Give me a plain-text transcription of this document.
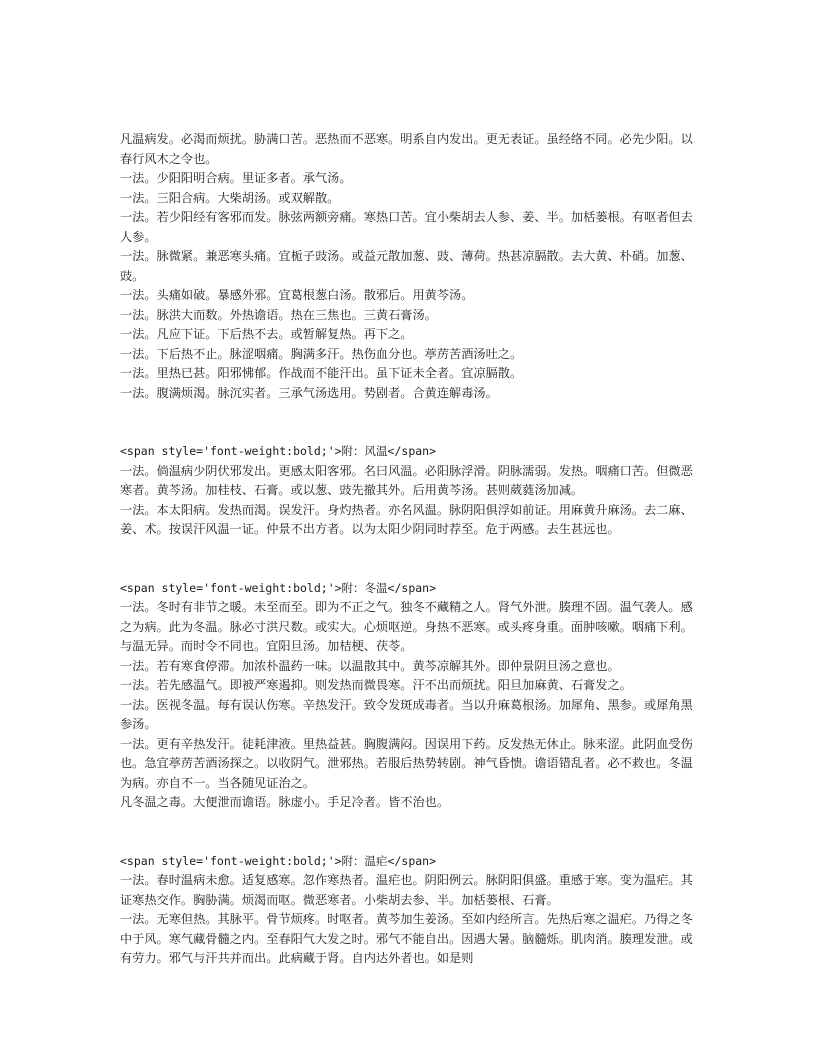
凡温病发。必渴而烦扰。胁满口苦。恶热而不恶寒。明系自内发出。更无表证。虽经络不同。必先少阳。以春行风木之令也。

一法。少阳阳明合病。里证多者。承气汤。

一法。三阳合病。大柴胡汤。或双解散。

一法。若少阳经有客邪而发。脉弦两额旁痛。寒热口苦。宜小柴胡去人参、姜、半。加栝蒌根。有呕者但去人参。

一法。脉微紧。兼恶寒头痛。宜栀子豉汤。或益元散加葱、豉、薄荷。热甚凉膈散。去大黄、朴硝。加葱、豉。

一法。头痛如破。暴感外邪。宜葛根葱白汤。散邪后。用黄芩汤。

一法。脉洪大而数。外热谵语。热在三焦也。三黄石膏汤。

一法。凡应下证。下后热不去。或暂解复热。再下之。

一法。下后热不止。脉涩咽痛。胸满多汗。热伤血分也。葶苈苦酒汤吐之。

一法。里热已甚。阳邪怫郁。作战而不能汗出。虽下证未全者。宜凉膈散。

一法。腹满烦渴。脉沉实者。三承气汤选用。势剧者。合黄连解毒汤。

<span style='font-weight:bold;'>附：风温</span>

一法。倘温病少阴伏邪发出。更感太阳客邪。名曰风温。必阳脉浮滑。阴脉濡弱。发热。咽痛口苦。但微恶寒者。黄芩汤。加桂枝、石膏。或以葱、豉先撤其外。后用黄芩汤。甚则葳蕤汤加减。

一法。本太阳病。发热而渴。误发汗。身灼热者。亦名风温。脉阴阳俱浮如前证。用麻黄升麻汤。去二麻、姜、术。按误汗风温一证。仲景不出方者。以为太阳少阴同时荐至。危于两感。去生甚远也。

<span style='font-weight:bold;'>附：冬温</span>

一法。冬时有非节之暖。未至而至。即为不正之气。独冬不藏精之人。肾气外泄。腠理不固。温气袭人。感之为病。此为冬温。脉必寸洪尺数。或实大。心烦呕逆。身热不恶寒。或头疼身重。面肿咳嗽。咽痛下利。与温无异。而时令不同也。宜阳旦汤。加桔梗、茯苓。

一法。若有寒食停滞。加浓朴温药一味。以温散其中。黄芩凉解其外。即仲景阴旦汤之意也。

一法。若先感温气。即被严寒遏抑。则发热而微畏寒。汗不出而烦扰。阳旦加麻黄、石膏发之。

一法。医视冬温。每有误认伤寒。辛热发汗。致令发斑成毒者。当以升麻葛根汤。加犀角、黑参。或犀角黑参汤。

一法。更有辛热发汗。徒耗津液。里热益甚。胸腹满闷。因误用下药。反发热无休止。脉来涩。此阴血受伤也。急宜葶苈苦酒汤探之。以收阴气。泄邪热。若服后热势转剧。神气昏愦。谵语错乱者。必不救也。冬温为病。亦自不一。当各随见证治之。

凡冬温之毒。大便泄而谵语。脉虚小。手足冷者。皆不治也。

<span style='font-weight:bold;'>附：温疟</span>

一法。春时温病未愈。适复感寒。忽作寒热者。温疟也。阴阳例云。脉阴阳俱盛。重感于寒。变为温疟。其证寒热交作。胸胁满。烦渴而呕。微恶寒者。小柴胡去参、半。加栝蒌根、石膏。

一法。无寒但热。其脉平。骨节烦疼。时呕者。黄芩加生姜汤。至如内经所言。先热后寒之温疟。乃得之冬中于风。寒气藏骨髓之内。至春阳气大发之时。邪气不能自出。因遇大暑。脑髓烁。肌肉消。腠理发泄。或有劳力。邪气与汗共并而出。此病藏于肾。自内达外者也。如是则
